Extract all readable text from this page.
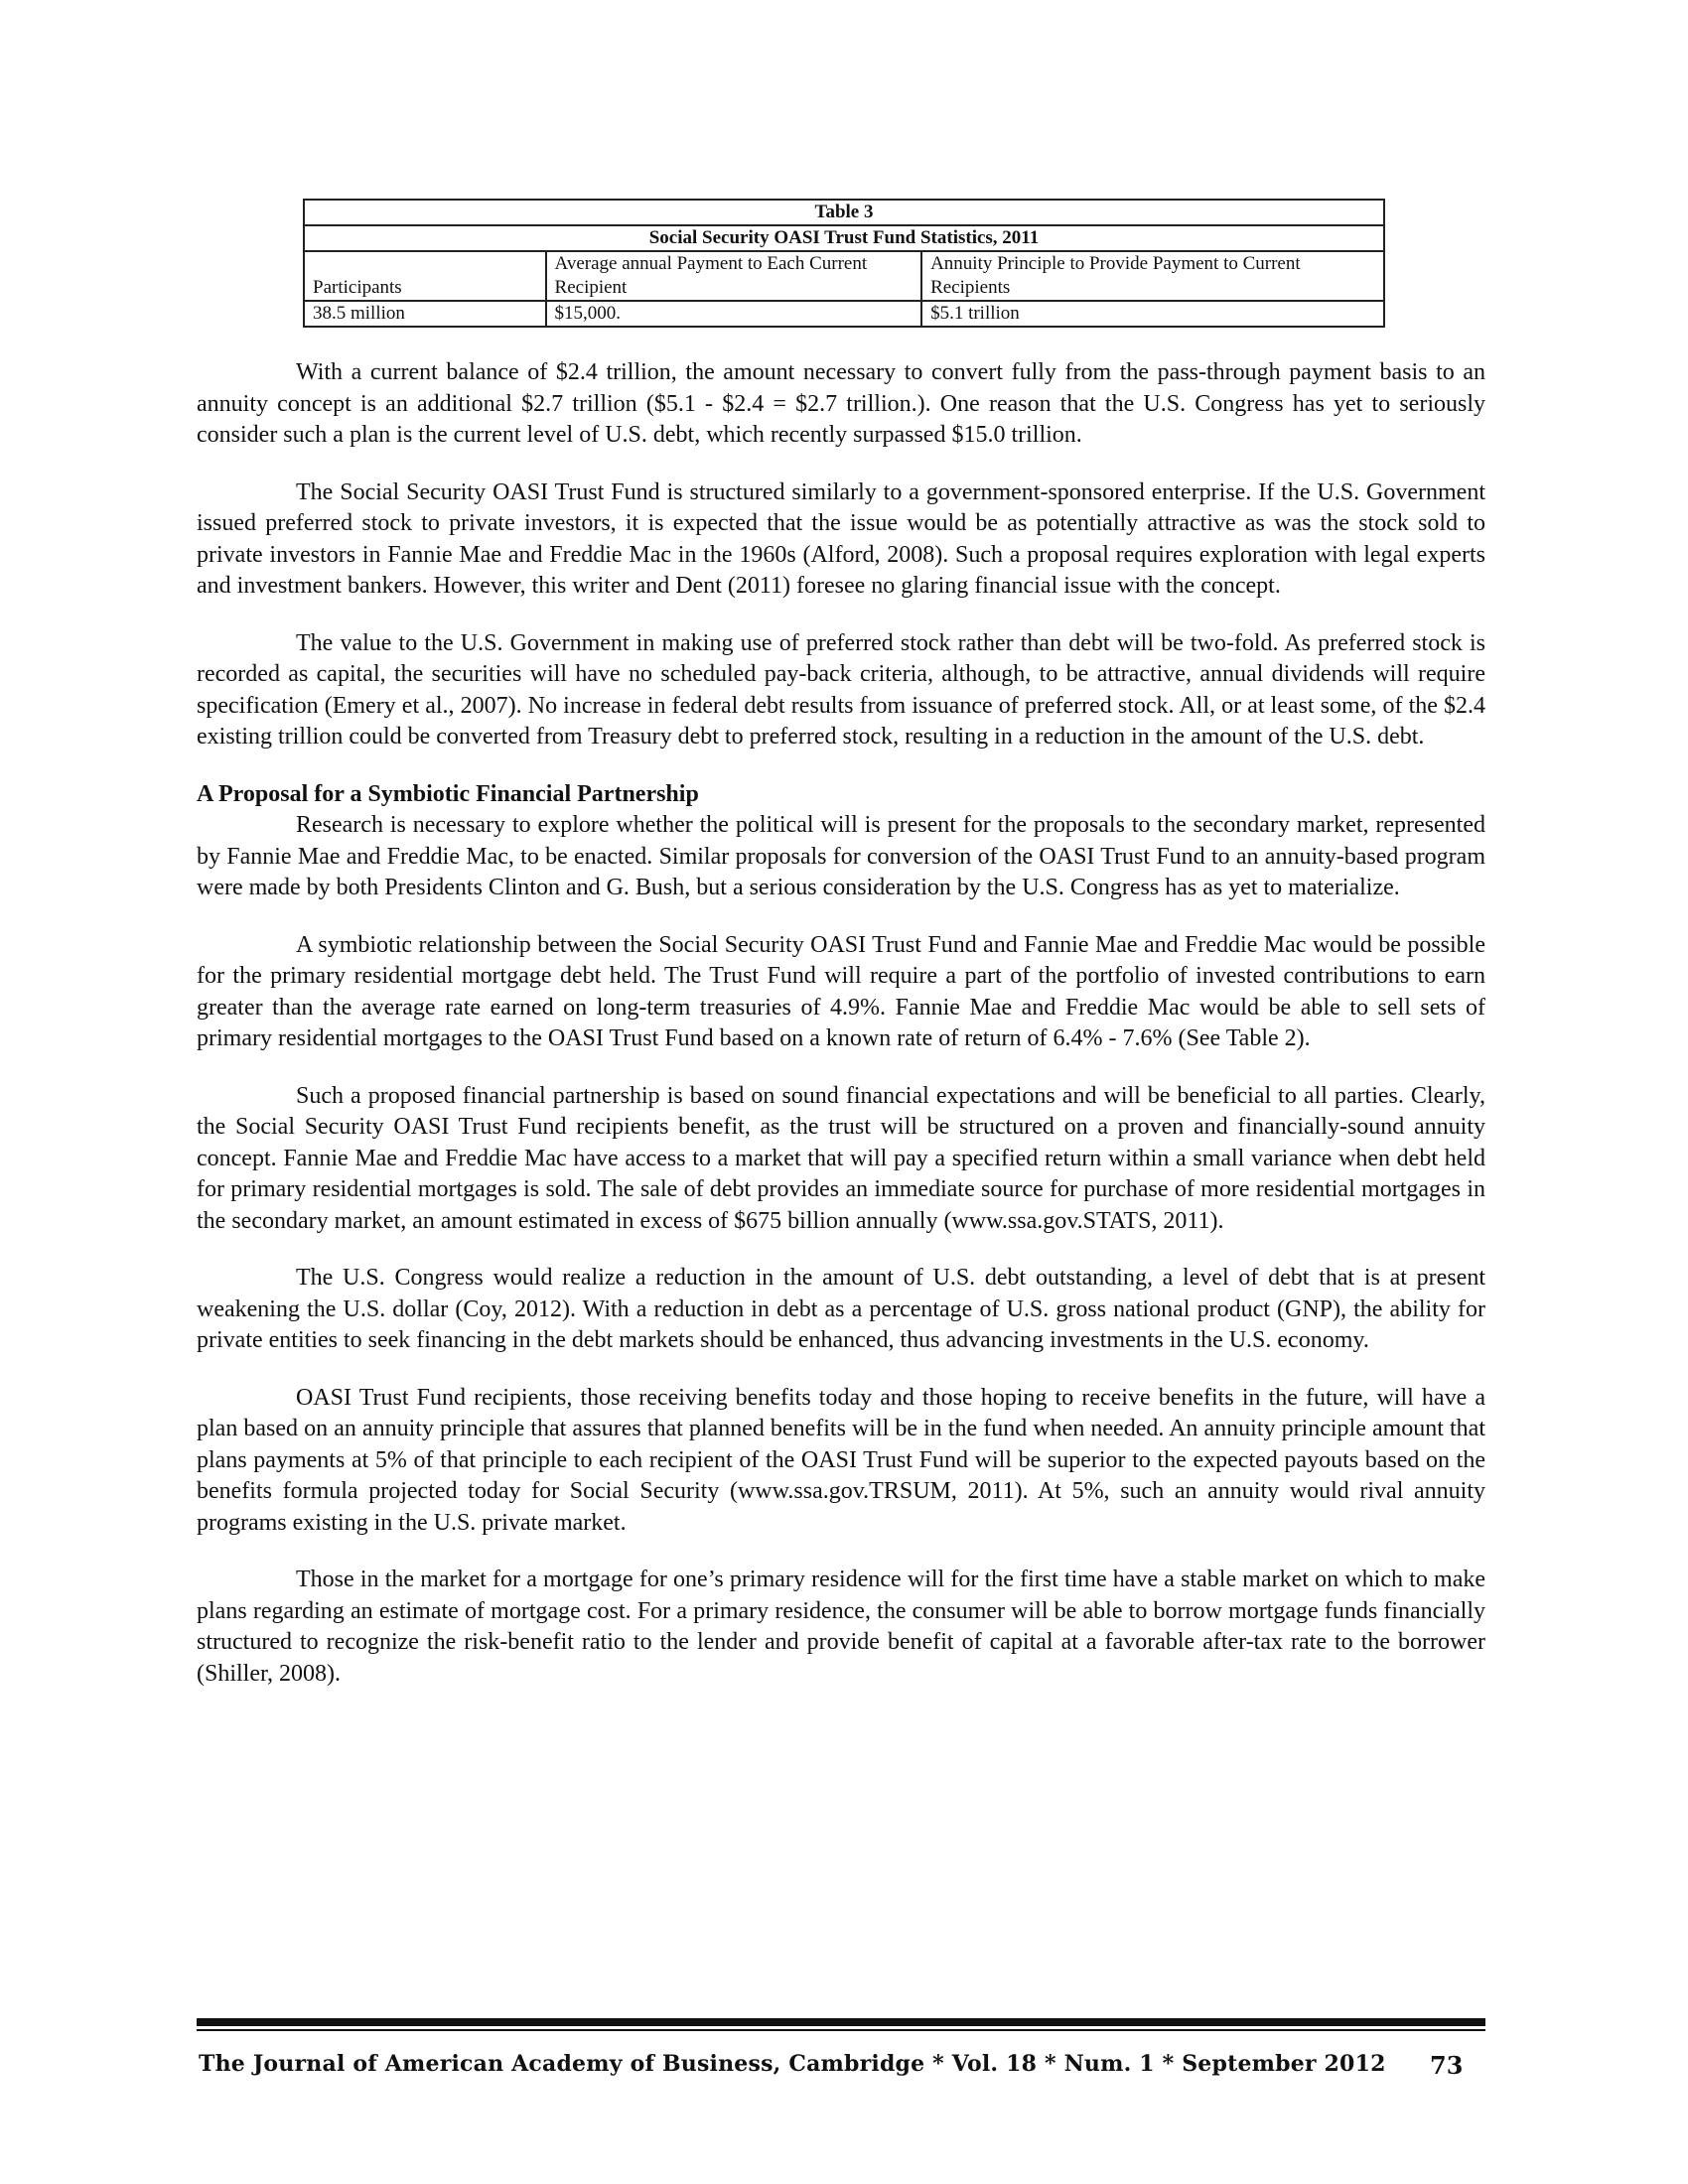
Table 3		
Social Security OASI Trust Fund Statistics, 2011		
Participants	Average annual Payment to Each Current Recipient	Annuity Principle to Provide Payment to Current Recipients
38.5 million	$15,000.	$5.1 trillion

With a current balance of $2.4 trillion, the amount necessary to convert fully from the pass-through payment basis to an annuity concept is an additional $2.7 trillion ($5.1 - $2.4 = $2.7 trillion.). One reason that the U.S. Congress has yet to seriously consider such a plan is the current level of U.S. debt, which recently surpassed $15.0 trillion.

The Social Security OASI Trust Fund is structured similarly to a government-sponsored enterprise. If the U.S. Government issued preferred stock to private investors, it is expected that the issue would be as potentially attractive as was the stock sold to private investors in Fannie Mae and Freddie Mac in the 1960s (Alford, 2008). Such a proposal requires exploration with legal experts and investment bankers. However, this writer and Dent (2011) foresee no glaring financial issue with the concept.

The value to the U.S. Government in making use of preferred stock rather than debt will be two-fold. As preferred stock is recorded as capital, the securities will have no scheduled pay-back criteria, although, to be attractive, annual dividends will require specification (Emery et al., 2007). No increase in federal debt results from issuance of preferred stock. All, or at least some, of the $2.4 existing trillion could be converted from Treasury debt to preferred stock, resulting in a reduction in the amount of the U.S. debt.

A Proposal for a Symbiotic Financial Partnership

Research is necessary to explore whether the political will is present for the proposals to the secondary market, represented by Fannie Mae and Freddie Mac, to be enacted. Similar proposals for conversion of the OASI Trust Fund to an annuity-based program were made by both Presidents Clinton and G. Bush, but a serious consideration by the U.S. Congress has as yet to materialize.

A symbiotic relationship between the Social Security OASI Trust Fund and Fannie Mae and Freddie Mac would be possible for the primary residential mortgage debt held. The Trust Fund will require a part of the portfolio of invested contributions to earn greater than the average rate earned on long-term treasuries of 4.9%. Fannie Mae and Freddie Mac would be able to sell sets of primary residential mortgages to the OASI Trust Fund based on a known rate of return of 6.4% - 7.6% (See Table 2).

Such a proposed financial partnership is based on sound financial expectations and will be beneficial to all parties. Clearly, the Social Security OASI Trust Fund recipients benefit, as the trust will be structured on a proven and financially-sound annuity concept. Fannie Mae and Freddie Mac have access to a market that will pay a specified return within a small variance when debt held for primary residential mortgages is sold. The sale of debt provides an immediate source for purchase of more residential mortgages in the secondary market, an amount estimated in excess of $675 billion annually (www.ssa.gov.STATS, 2011).

The U.S. Congress would realize a reduction in the amount of U.S. debt outstanding, a level of debt that is at present weakening the U.S. dollar (Coy, 2012). With a reduction in debt as a percentage of U.S. gross national product (GNP), the ability for private entities to seek financing in the debt markets should be enhanced, thus advancing investments in the U.S. economy.

OASI Trust Fund recipients, those receiving benefits today and those hoping to receive benefits in the future, will have a plan based on an annuity principle that assures that planned benefits will be in the fund when needed. An annuity principle amount that plans payments at 5% of that principle to each recipient of the OASI Trust Fund will be superior to the expected payouts based on the benefits formula projected today for Social Security (www.ssa.gov.TRSUM, 2011). At 5%, such an annuity would rival annuity programs existing in the U.S. private market.

Those in the market for a mortgage for one’s primary residence will for the first time have a stable market on which to make plans regarding an estimate of mortgage cost. For a primary residence, the consumer will be able to borrow mortgage funds financially structured to recognize the risk-benefit ratio to the lender and provide benefit of capital at a favorable after-tax rate to the borrower (Shiller, 2008).

The Journal of American Academy of Business, Cambridge * Vol. 18 * Num. 1 * September 2012 73
